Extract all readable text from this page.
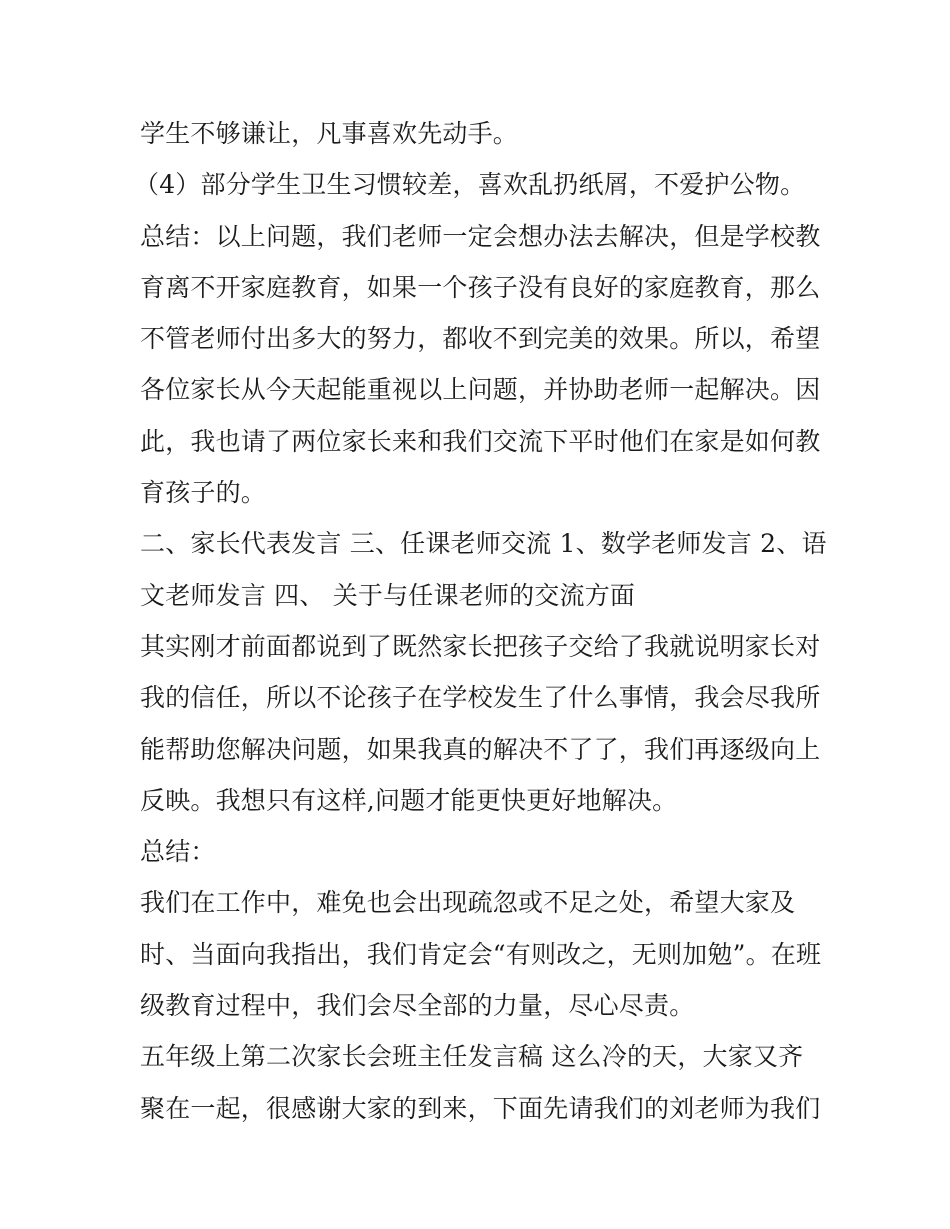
学生不够谦让，凡事喜欢先动手。
（4）部分学生卫生习惯较差，喜欢乱扔纸屑，不爱护公物。
总结：以上问题，我们老师一定会想办法去解决，但是学校教
育离不开家庭教育，如果一个孩子没有良好的家庭教育，那么
不管老师付出多大的努力，都收不到完美的效果。所以，希望
各位家长从今天起能重视以上问题，并协助老师一起解决。因
此，我也请了两位家长来和我们交流下平时他们在家是如何教
育孩子的。
二、家长代表发言 三、任课老师交流 1、数学老师发言 2、语
文老师发言 四、 关于与任课老师的交流方面
其实刚才前面都说到了既然家长把孩子交给了我就说明家长对
我的信任，所以不论孩子在学校发生了什么事情，我会尽我所
能帮助您解决问题，如果我真的解决不了了，我们再逐级向上
反映。我想只有这样,问题才能更快更好地解决。
总结：
我们在工作中，难免也会出现疏忽或不足之处，希望大家及
时、当面向我指出，我们肯定会“有则改之，无则加勉”。在班
级教育过程中，我们会尽全部的力量，尽心尽责。
五年级上第二次家长会班主任发言稿 这么冷的天，大家又齐
聚在一起，很感谢大家的到来，下面先请我们的刘老师为我们
